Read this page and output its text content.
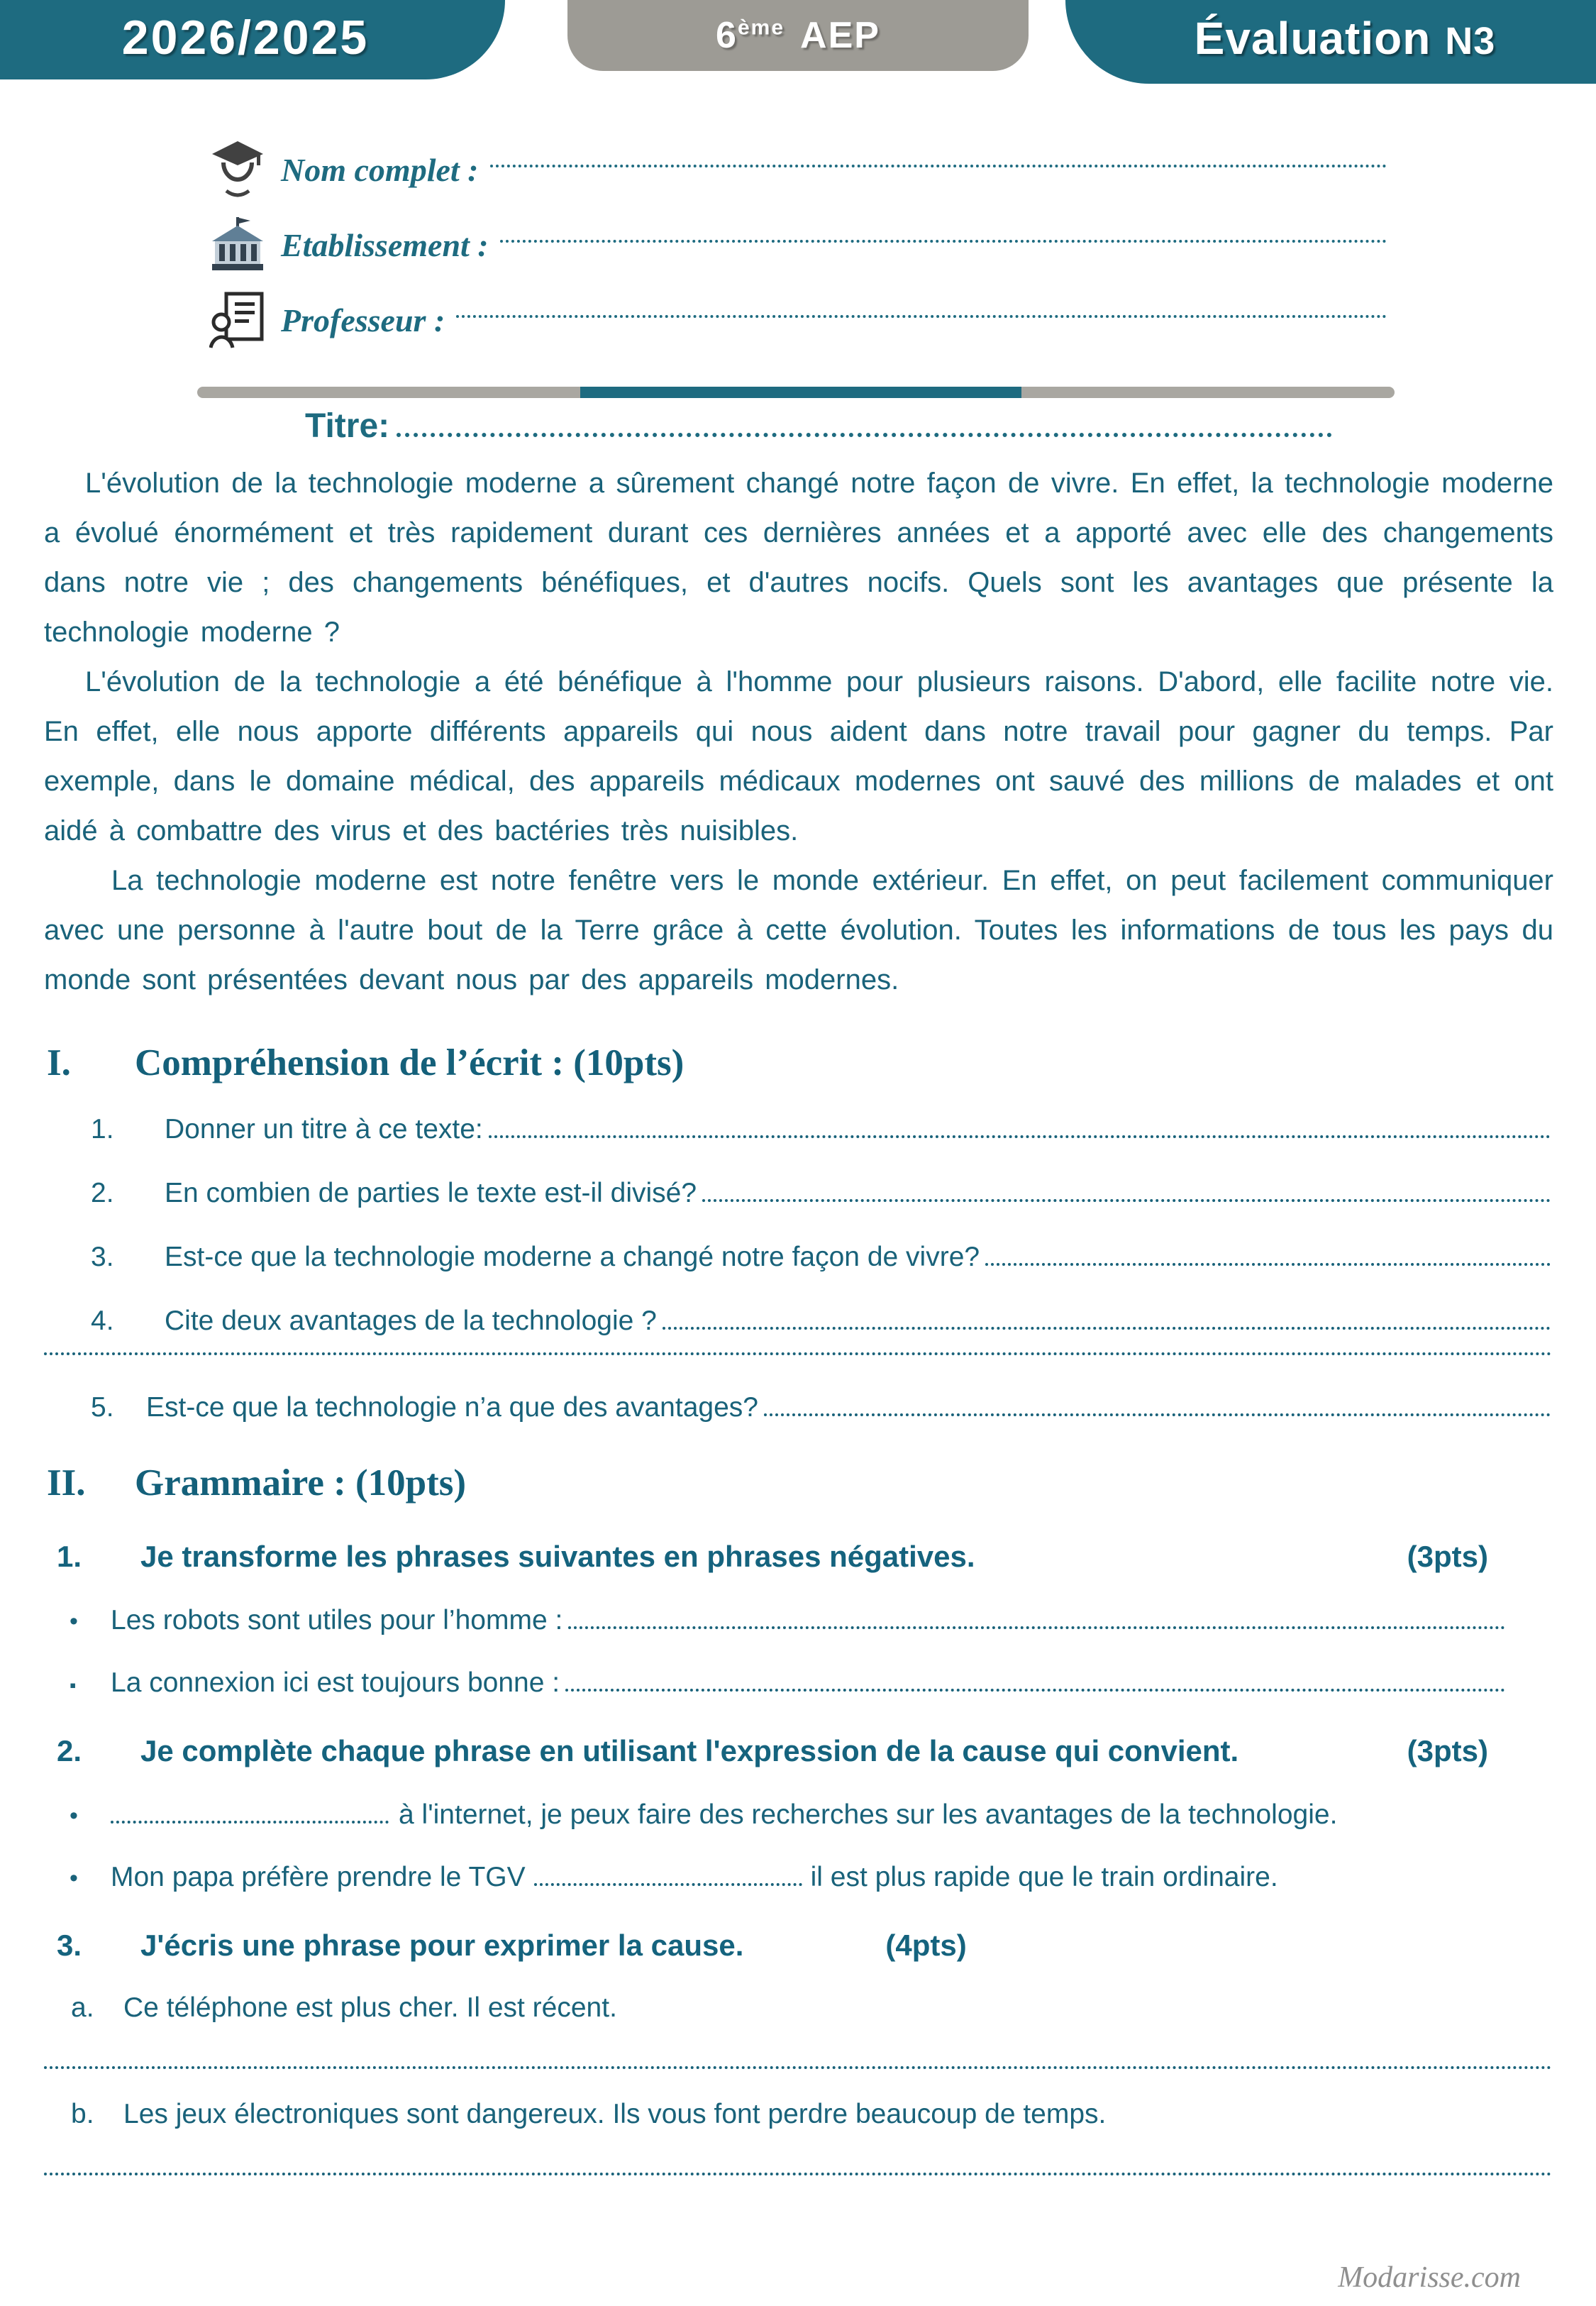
2026/2025	6ème AEP	Évaluation N3
Nom complet :
Etablissement :
Professeur :
Titre:

L'évolution de la technologie moderne a sûrement changé notre façon de vivre. En effet, la technologie moderne a évolué énormément et très rapidement durant ces dernières années et a apporté avec elle des changements dans notre vie ; des changements bénéfiques, et d'autres nocifs. Quels sont les avantages que présente la technologie moderne ?

L'évolution de la technologie a été bénéfique à l'homme pour plusieurs raisons. D'abord, elle facilite notre vie. En effet, elle nous apporte différents appareils qui nous aident dans notre travail pour gagner du temps. Par exemple, dans le domaine médical, des appareils médicaux modernes ont sauvé des millions de malades et ont aidé à combattre des virus et des bactéries très nuisibles.

La technologie moderne est notre fenêtre vers le monde extérieur. En effet, on peut facilement communiquer avec une personne à l'autre bout de la Terre grâce à cette évolution. Toutes les informations de tous les pays du monde sont présentées devant nous par des appareils modernes.

I.	Compréhension de l’écrit : (10pts)
1.	Donner un titre à ce texte:
2.	En combien de parties le texte est-il divisé?
3.	Est-ce que la technologie moderne a changé notre façon de vivre?
4.	Cite deux avantages de la technologie ?
5.	Est-ce que la technologie n’a que des avantages?
II.	Grammaire : (10pts)
1.	Je transforme les phrases suivantes en phrases négatives.	(3pts)
•	Les robots sont utiles pour l’homme :
▪	La connexion ici est toujours bonne :
2.	Je complète chaque phrase en utilisant l'expression de la cause qui convient.	(3pts)
•	à l'internet, je peux faire des recherches sur les avantages de la technologie.
•	Mon papa préfère prendre le TGV	il est plus rapide que le train ordinaire.
3.	J'écris une phrase pour exprimer la cause.	(4pts)
a.	Ce téléphone est plus cher. Il est récent.
b.	Les jeux électroniques sont dangereux. Ils vous font perdre beaucoup de temps.
Modarisse.com
